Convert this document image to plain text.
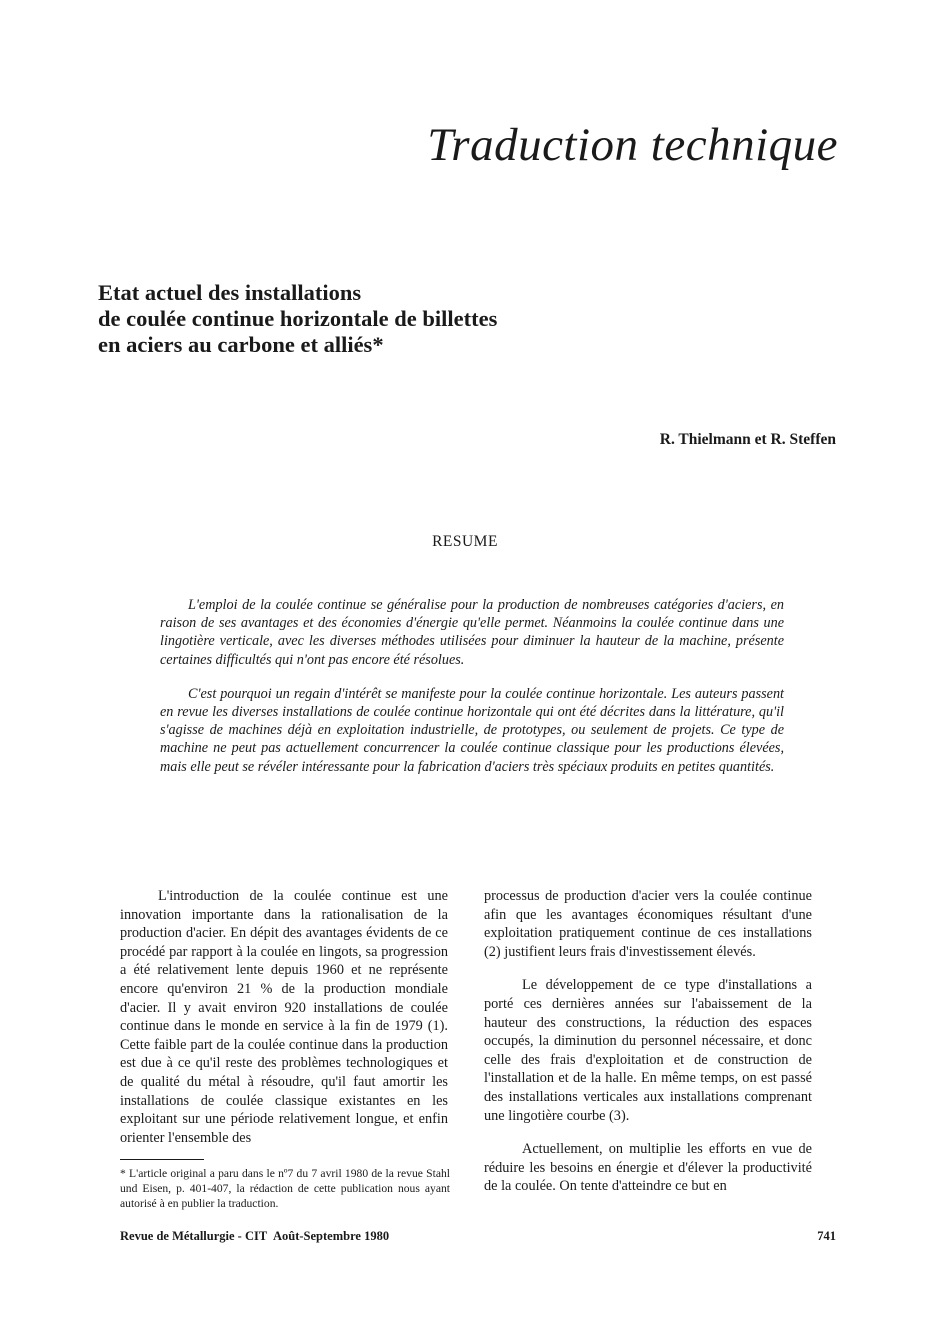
Traduction technique
Etat actuel des installations
de coulée continue horizontale de billettes
en aciers au carbone et alliés*
R. Thielmann et R. Steffen
RESUME

L'emploi de la coulée continue se généralise pour la production de nombreuses catégories d'aciers, en raison de ses avantages et des économies d'énergie qu'elle permet. Néanmoins la coulée continue dans une lingotière verticale, avec les diverses méthodes utilisées pour diminuer la hauteur de la machine, présente certaines difficultés qui n'ont pas encore été résolues.

C'est pourquoi un regain d'intérêt se manifeste pour la coulée continue horizontale. Les auteurs passent en revue les diverses installations de coulée continue horizontale qui ont été décrites dans la littérature, qu'il s'agisse de machines déjà en exploitation industrielle, de prototypes, ou seulement de projets. Ce type de machine ne peut pas actuellement concurrencer la coulée continue classique pour les productions élevées, mais elle peut se révéler intéressante pour la fabrication d'aciers très spéciaux produits en petites quantités.

L'introduction de la coulée continue est une innovation importante dans la rationalisation de la production d'acier. En dépit des avantages évidents de ce procédé par rapport à la coulée en lingots, sa progression a été relativement lente depuis 1960 et ne représente encore qu'environ 21 % de la production mondiale d'acier. Il y avait environ 920 installations de coulée continue dans le monde en service à la fin de 1979 (1). Cette faible part de la coulée continue dans la production est due à ce qu'il reste des problèmes technologiques et de qualité du métal à résoudre, qu'il faut amortir les installations de coulée classique existantes en les exploitant sur une période relativement longue, et enfin orienter l'ensemble des

processus de production d'acier vers la coulée continue afin que les avantages économiques résultant d'une exploitation pratiquement continue de ces installations (2) justifient leurs frais d'investissement élevés.

Le développement de ce type d'installations a porté ces dernières années sur l'abaissement de la hauteur des constructions, la réduction des espaces occupés, la diminution du personnel nécessaire, et donc celle des frais d'exploitation et de construction de l'installation et de la halle. En même temps, on est passé des installations verticales aux installations comprenant une lingotière courbe (3).

Actuellement, on multiplie les efforts en vue de réduire les besoins en énergie et d'élever la productivité de la coulée. On tente d'atteindre ce but en

* L'article original a paru dans le nº7 du 7 avril 1980 de la revue Stahl und Eisen, p. 401-407, la rédaction de cette publication nous ayant autorisé à en publier la traduction.
Revue de Métallurgie - CIT Août-Septembre 1980	741
